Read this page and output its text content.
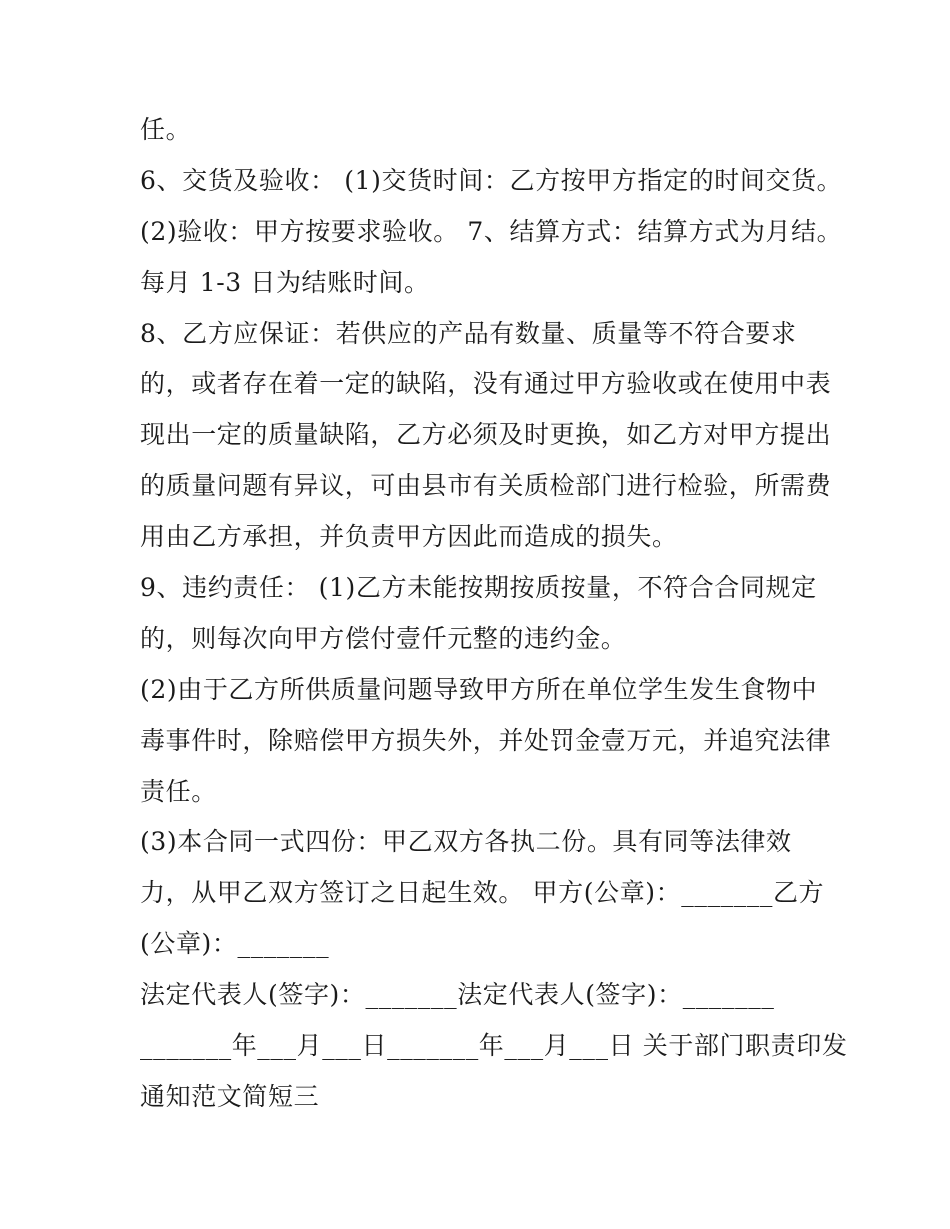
任。
6、交货及验收： (1)交货时间：乙方按甲方指定的时间交货。
(2)验收：甲方按要求验收。 7、结算方式：结算方式为月结。
每月 1-3 日为结账时间。
8、乙方应保证：若供应的产品有数量、质量等不符合要求
的，或者存在着一定的缺陷，没有通过甲方验收或在使用中表
现出一定的质量缺陷，乙方必须及时更换，如乙方对甲方提出
的质量问题有异议，可由县市有关质检部门进行检验，所需费
用由乙方承担，并负责甲方因此而造成的损失。
9、违约责任： (1)乙方未能按期按质按量，不符合合同规定
的，则每次向甲方偿付壹仟元整的违约金。
(2)由于乙方所供质量问题导致甲方所在单位学生发生食物中
毒事件时，除赔偿甲方损失外，并处罚金壹万元，并追究法律
责任。
(3)本合同一式四份：甲乙双方各执二份。具有同等法律效
力，从甲乙双方签订之日起生效。 甲方(公章)：_______乙方
(公章)：_______
法定代表人(签字)：_______法定代表人(签字)：_______
_______年___月___日_______年___月___日 关于部门职责印发
通知范文简短三
